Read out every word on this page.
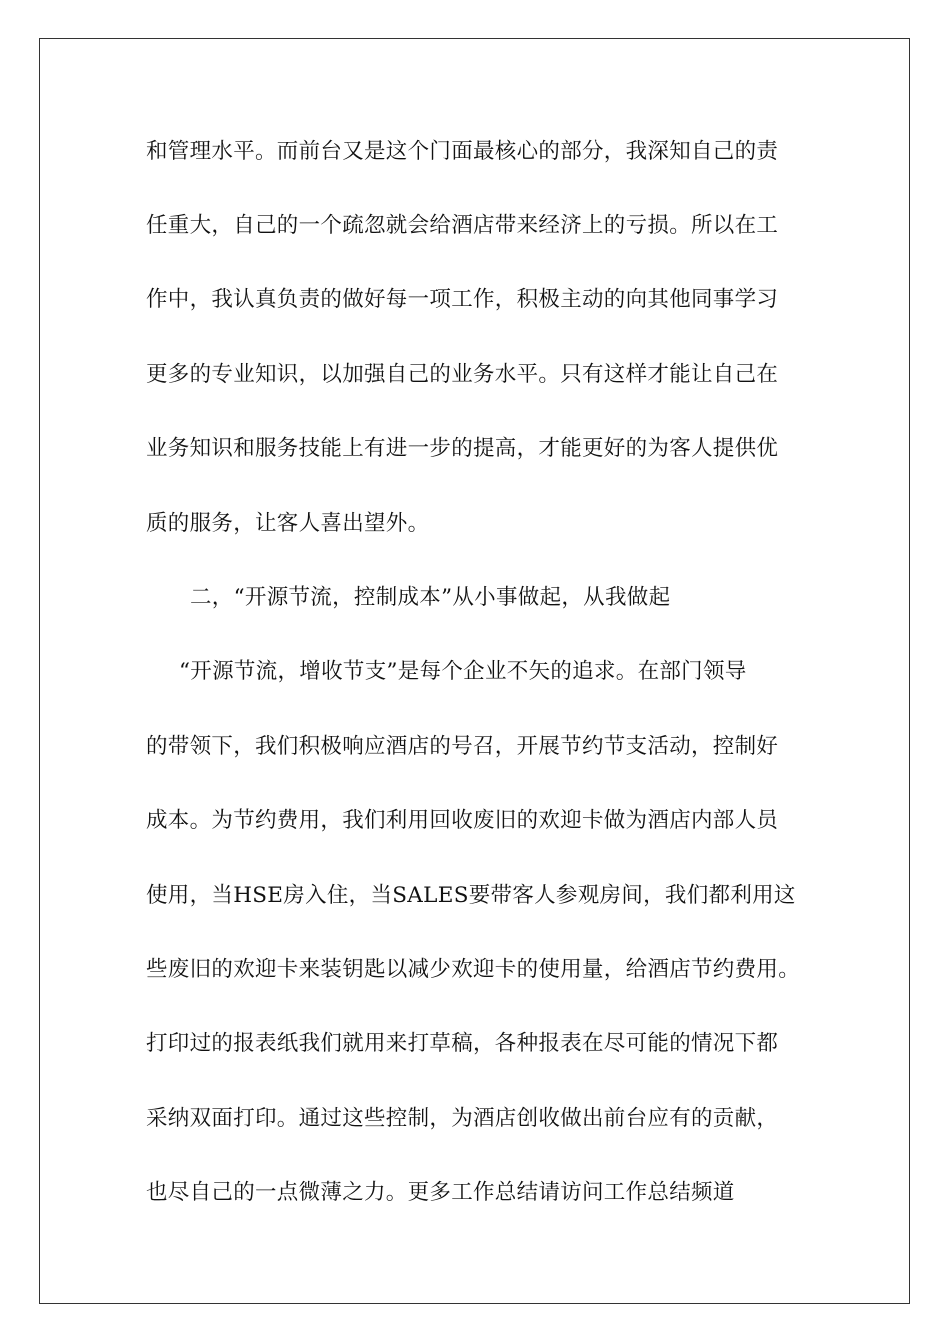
和管理水平。而前台又是这个门面最核心的部分，我深知自己的责
任重大，自己的一个疏忽就会给酒店带来经济上的亏损。所以在工
作中，我认真负责的做好每一项工作，积极主动的向其他同事学习
更多的专业知识，以加强自己的业务水平。只有这样才能让自己在
业务知识和服务技能上有进一步的提高，才能更好的为客人提供优
质的服务，让客人喜出望外。
二，“开源节流，控制成本”从小事做起，从我做起
“开源节流，增收节支”是每个企业不矢的追求。在部门领导
的带领下，我们积极响应酒店的号召，开展节约节支活动，控制好
成本。为节约费用，我们利用回收废旧的欢迎卡做为酒店内部人员
使用，当HSE房入住，当SALES要带客人参观房间，我们都利用这
些废旧的欢迎卡来装钥匙以减少欢迎卡的使用量，给酒店节约费用。
打印过的报表纸我们就用来打草稿，各种报表在尽可能的情况下都
采纳双面打印。通过这些控制，为酒店创收做出前台应有的贡献，
也尽自己的一点微薄之力。更多工作总结请访问工作总结频道
